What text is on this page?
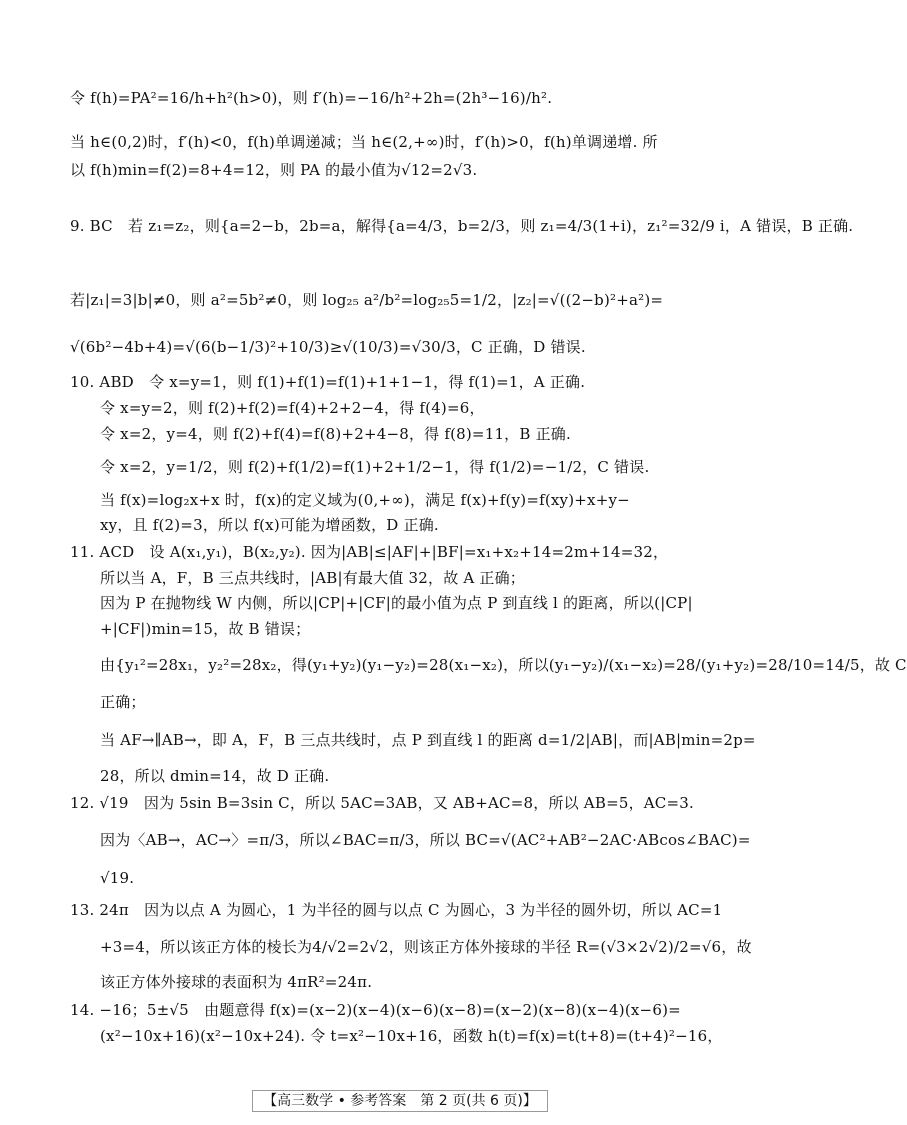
令 f(h)=PA²=16/h+h²(h>0)，则 f′(h)=−16/h²+2h=(2h³−16)/h².
当 h∈(0,2)时，f′(h)<0，f(h)单调递减；当 h∈(2,+∞)时，f′(h)>0，f(h)单调递增. 所
以 f(h)min=f(2)=8+4=12，则 PA 的最小值为√12=2√3.
9. BC　若 z₁=z₂，则{a=2−b，2b=a，解得{a=4/3，b=2/3，则 z₁=4/3(1+i)，z₁²=32/9 i，A 错误，B 正确.
若|z₁|=3|b|≠0，则 a²=5b²≠0，则 log₂₅ a²/b²=log₂₅5=1/2，|z₂|=√((2−b)²+a²)=
√(6b²−4b+4)=√(6(b−1/3)²+10/3)≥√(10/3)=√30/3，C 正确，D 错误.
10. ABD　令 x=y=1，则 f(1)+f(1)=f(1)+1+1−1，得 f(1)=1，A 正确.
令 x=y=2，则 f(2)+f(2)=f(4)+2+2−4，得 f(4)=6，
令 x=2，y=4，则 f(2)+f(4)=f(8)+2+4−8，得 f(8)=11，B 正确.
令 x=2，y=1/2，则 f(2)+f(1/2)=f(1)+2+1/2−1，得 f(1/2)=−1/2，C 错误.
当 f(x)=log₂x+x 时，f(x)的定义域为(0,+∞)，满足 f(x)+f(y)=f(xy)+x+y−
xy，且 f(2)=3，所以 f(x)可能为增函数，D 正确.
11. ACD　设 A(x₁,y₁)，B(x₂,y₂). 因为|AB|≤|AF|+|BF|=x₁+x₂+14=2m+14=32，
所以当 A，F，B 三点共线时，|AB|有最大值 32，故 A 正确；
因为 P 在抛物线 W 内侧，所以|CP|+|CF|的最小值为点 P 到直线 l 的距离，所以(|CP|
+|CF|)min=15，故 B 错误；
由{y₁²=28x₁，y₂²=28x₂，得(y₁+y₂)(y₁−y₂)=28(x₁−x₂)，所以(y₁−y₂)/(x₁−x₂)=28/(y₁+y₂)=28/10=14/5，故 C
正确；
当 AF→∥AB→，即 A，F，B 三点共线时，点 P 到直线 l 的距离 d=1/2|AB|，而|AB|min=2p=
28，所以 dmin=14，故 D 正确.
12. √19　因为 5sin B=3sin C，所以 5AC=3AB，又 AB+AC=8，所以 AB=5，AC=3.
因为〈AB→，AC→〉=π/3，所以∠BAC=π/3，所以 BC=√(AC²+AB²−2AC·ABcos∠BAC)=
√19.
13. 24π　因为以点 A 为圆心，1 为半径的圆与以点 C 为圆心，3 为半径的圆外切，所以 AC=1
+3=4，所以该正方体的棱长为4/√2=2√2，则该正方体外接球的半径 R=(√3×2√2)/2=√6，故
该正方体外接球的表面积为 4πR²=24π.
14. −16；5±√5　由题意得 f(x)=(x−2)(x−4)(x−6)(x−8)=(x−2)(x−8)(x−4)(x−6)=
(x²−10x+16)(x²−10x+24). 令 t=x²−10x+16，函数 h(t)=f(x)=t(t+8)=(t+4)²−16，
【高三数学 • 参考答案　第 2 页(共 6 页)】
